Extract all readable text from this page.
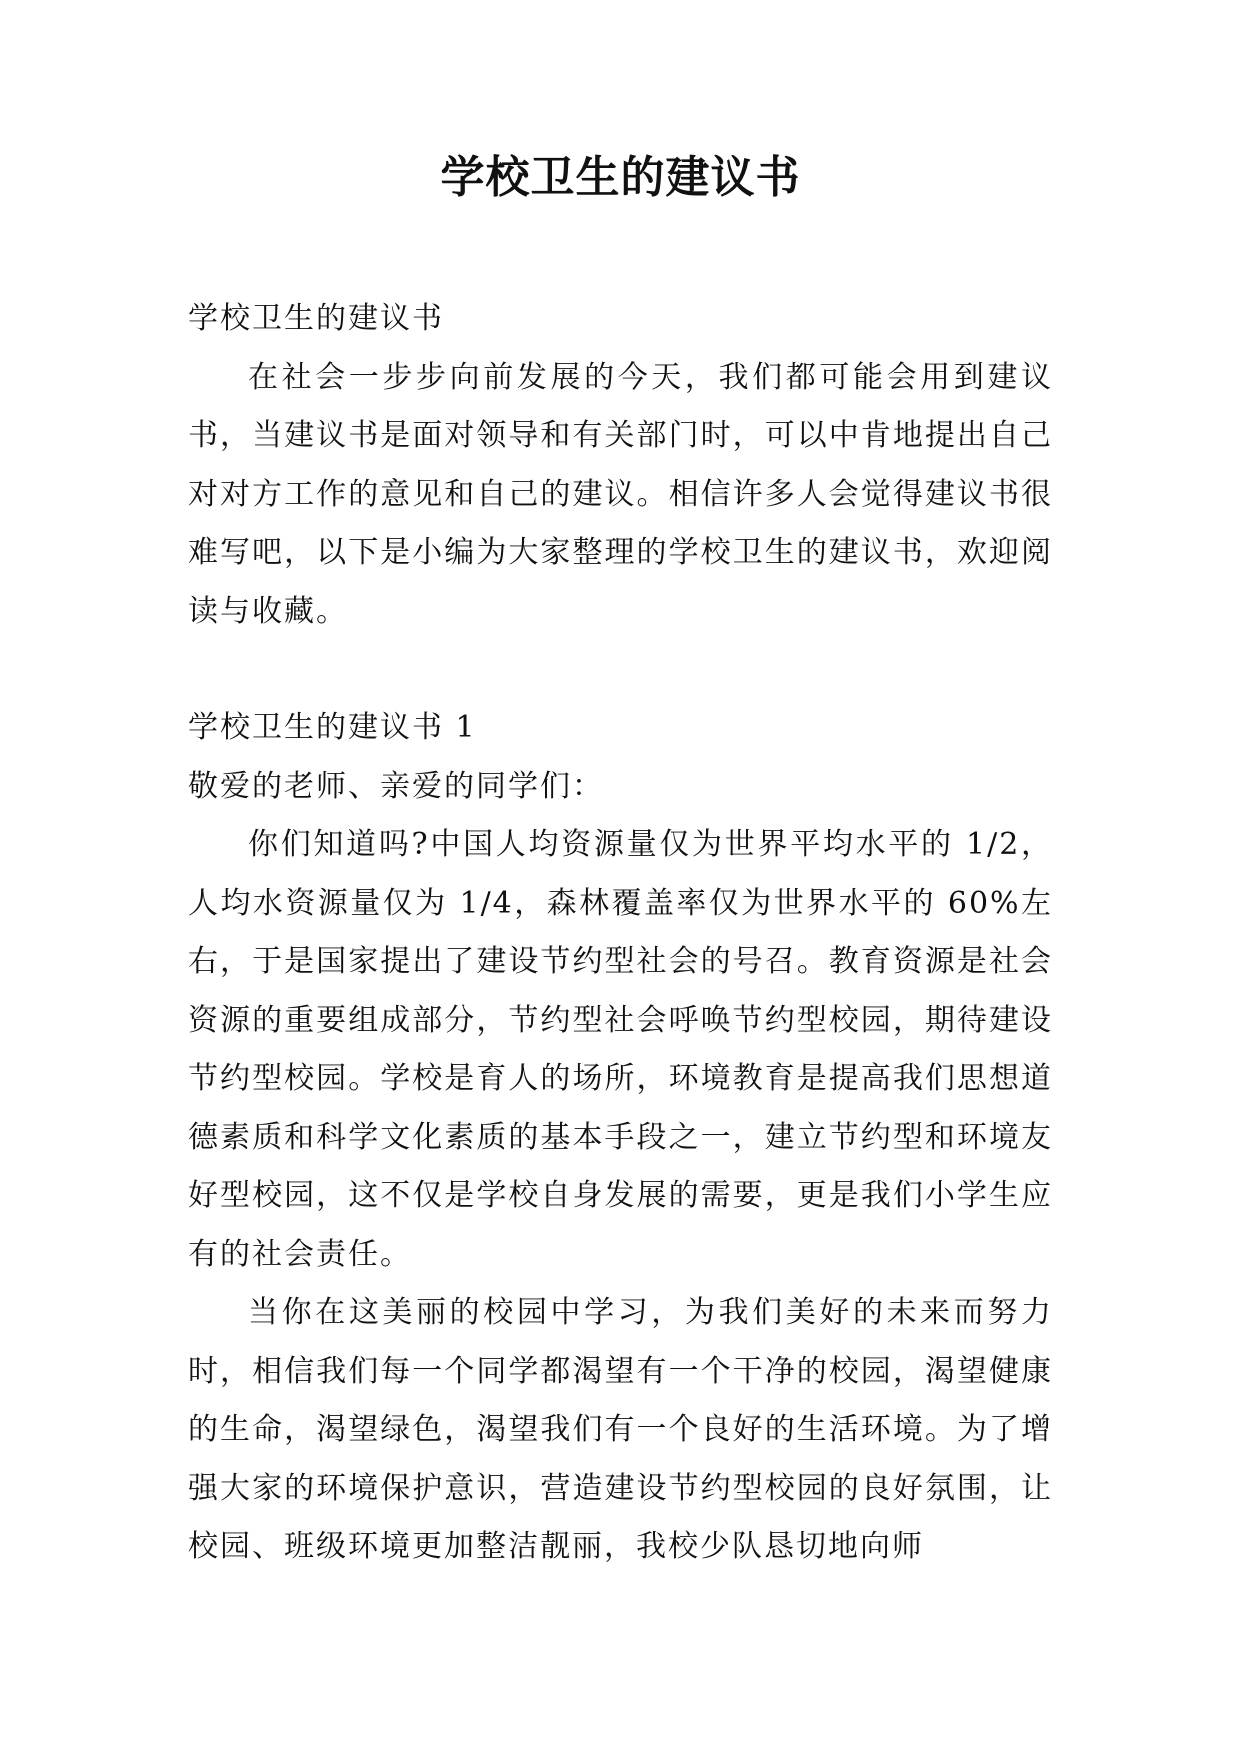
学校卫生的建议书

学校卫生的建议书

在社会一步步向前发展的今天，我们都可能会用到建议书，当建议书是面对领导和有关部门时，可以中肯地提出自己对对方工作的意见和自己的建议。相信许多人会觉得建议书很难写吧，以下是小编为大家整理的学校卫生的建议书，欢迎阅读与收藏。

学校卫生的建议书 1

敬爱的老师、亲爱的同学们：

你们知道吗?中国人均资源量仅为世界平均水平的 1/2，人均水资源量仅为 1/4，森林覆盖率仅为世界水平的 60%左右，于是国家提出了建设节约型社会的号召。教育资源是社会资源的重要组成部分，节约型社会呼唤节约型校园，期待建设节约型校园。学校是育人的场所，环境教育是提高我们思想道德素质和科学文化素质的基本手段之一，建立节约型和环境友好型校园，这不仅是学校自身发展的需要，更是我们小学生应有的社会责任。

当你在这美丽的校园中学习，为我们美好的未来而努力时，相信我们每一个同学都渴望有一个干净的校园，渴望健康的生命，渴望绿色，渴望我们有一个良好的生活环境。为了增强大家的环境保护意识，营造建设节约型校园的良好氛围，让校园、班级环境更加整洁靓丽，我校少队恳切地向师
